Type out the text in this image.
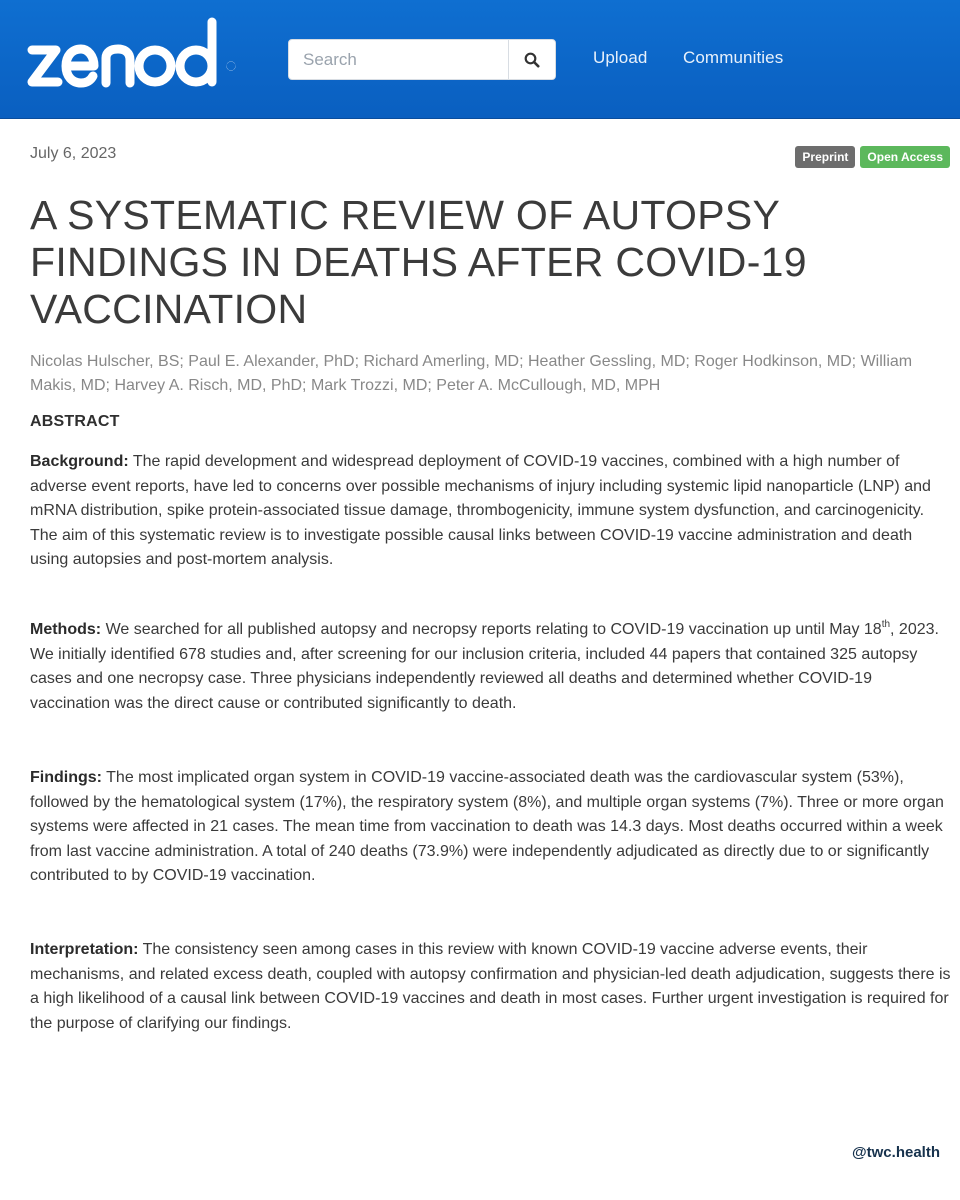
Search
Upload Communities
July 6, 2023	Preprint	Open Access
A SYSTEMATIC REVIEW OF AUTOPSY FINDINGS IN DEATHS AFTER COVID-19 VACCINATION
Nicolas Hulscher, BS; Paul E. Alexander, PhD; Richard Amerling, MD; Heather Gessling, MD; Roger Hodkinson, MD; William Makis, MD; Harvey A. Risch, MD, PhD; Mark Trozzi, MD; Peter A. McCullough, MD, MPH
ABSTRACT
Background: The rapid development and widespread deployment of COVID-19 vaccines, combined with a high number of adverse event reports, have led to concerns over possible mechanisms of injury including systemic lipid nanoparticle (LNP) and mRNA distribution, spike protein-associated tissue damage, thrombogenicity, immune system dysfunction, and carcinogenicity. The aim of this systematic review is to investigate possible causal links between COVID-19 vaccine administration and death using autopsies and post-mortem analysis.
Methods: We searched for all published autopsy and necropsy reports relating to COVID-19 vaccination up until May 18th, 2023. We initially identified 678 studies and, after screening for our inclusion criteria, included 44 papers that contained 325 autopsy cases and one necropsy case. Three physicians independently reviewed all deaths and determined whether COVID-19 vaccination was the direct cause or contributed significantly to death.
Findings: The most implicated organ system in COVID-19 vaccine-associated death was the cardiovascular system (53%), followed by the hematological system (17%), the respiratory system (8%), and multiple organ systems (7%). Three or more organ systems were affected in 21 cases. The mean time from vaccination to death was 14.3 days. Most deaths occurred within a week from last vaccine administration. A total of 240 deaths (73.9%) were independently adjudicated as directly due to or significantly contributed to by COVID-19 vaccination.
Interpretation: The consistency seen among cases in this review with known COVID-19 vaccine adverse events, their mechanisms, and related excess death, coupled with autopsy confirmation and physician-led death adjudication, suggests there is a high likelihood of a causal link between COVID-19 vaccines and death in most cases. Further urgent investigation is required for the purpose of clarifying our findings.
@twc.health
